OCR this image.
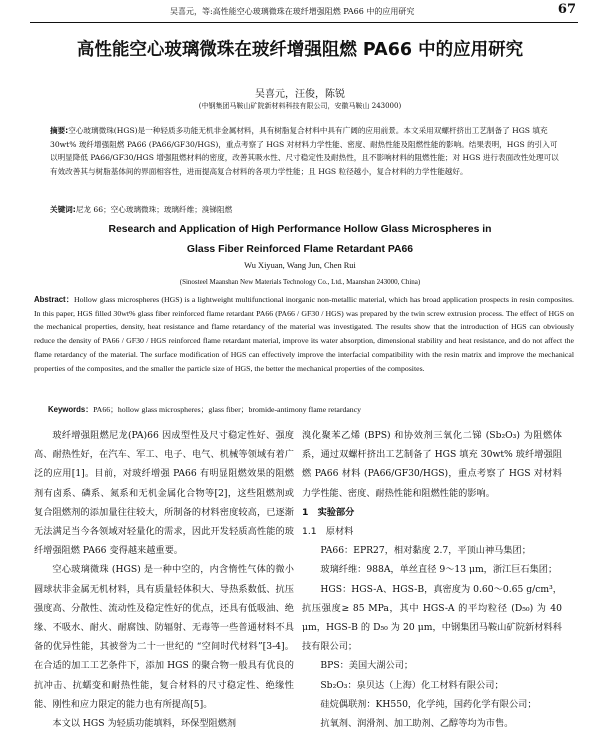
吴喜元，等:高性能空心玻璃微珠在玻纤增强阻燃 PA66 中的应用研究	67
高性能空心玻璃微珠在玻纤增强阻燃 PA66 中的应用研究
吴喜元，汪俊，陈锐
(中钢集团马鞍山矿院新材料科技有限公司，安徽马鞍山 243000)
摘要:空心玻璃微珠(HGS)是一种轻质多功能无机非金属材料，具有树脂复合材料中具有广阔的应用前景。本文采用双螺杆挤出工艺制备了 HGS 填充 30wt% 玻纤增强阻燃 PA66 (PA66/GF30/HGS)，重点考察了 HGS 对材料力学性能、密度、耐热性能及阻燃性能的影响。结果表明，HGS 的引入可以明显降低 PA66/GF30/HGS 增强阻燃材料的密度，改善其吸水性、尺寸稳定性及耐热性，且不影响材料的阻燃性能；对 HGS 进行表面改性处理可以有效改善其与树脂基体间的界面相容性，进而提高复合材料的各项力学性能；且 HGS 粒径越小，复合材料的力学性能越好。
关键词:尼龙 66；空心玻璃微珠；玻璃纤维；溴锑阻燃
Research and Application of High Performance Hollow Glass Microspheres in
Glass Fiber Reinforced Flame Retardant PA66
Wu Xiyuan, Wang Jun, Chen Rui
(Sinosteel Maanshan New Materials Technology Co., Ltd., Maanshan 243000, China)
Abstract：Hollow glass microspheres (HGS) is a lightweight multifunctional inorganic non-metallic material, which has broad application prospects in resin composites. In this paper, HGS filled 30wt% glass fiber reinforced flame retardant PA66 (PA66 / GF30 / HGS) was prepared by the twin screw extrusion process. The effect of HGS on the mechanical properties, density, heat resistance and flame retardancy of the material was investigated. The results show that the introduction of HGS can obviously reduce the density of PA66 / GF30 / HGS reinforced flame retardant material, improve its water absorption, dimensional stability and heat resistance, and do not affect the flame retardancy of the material. The surface modification of HGS can effectively improve the interfacial compatibility with the resin matrix and improve the mechanical properties of the composites, and the smaller the particle size of HGS, the better the mechanical properties of the composites.
Keywords：PA66；hollow glass microspheres；glass fiber；bromide-antimony flame retardancy

玻纤增强阻燃尼龙(PA)66 因成型性及尺寸稳定性好、强度高、耐热性好，在汽车、军工、电子、电气、机械等领域有着广泛的应用[1]。目前，对玻纤增强 PA66 有明显阻燃效果的阻燃剂有卤系、磷系、氮系和无机金属化合物等[2]，这些阻燃剂或复合阻燃剂的添加量往往较大，所制备的材料密度较高，已逐渐无法满足当今各领域对轻量化的需求，因此开发轻质高性能的玻纤增强阻燃 PA66 变得越来越重要。

空心玻璃微珠 (HGS) 是一种中空的，内含惰性气体的微小圆球状非金属无机材料，具有质量轻体积大、导热系数低、抗压强度高、分散性、流动性及稳定性好的优点，还具有低吸油、绝缘、不吸水、耐火、耐腐蚀、防辐射、无毒等一些普通材料不具备的优异性能，其被誉为二十一世纪的 “空间时代材料”[3-4]。在合适的加工工艺条件下，添加 HGS 的聚合物一般具有优良的抗冲击、抗蠕变和耐热性能，复合材料的尺寸稳定性、绝缘性能、刚性和应力限定的能力也有所提高[5]。

本文以 HGS 为轻质功能填料，环保型阻燃剂

溴化聚苯乙烯 (BPS) 和协效剂三氧化二锑 (Sb₂O₃) 为阻燃体系，通过双螺杆挤出工艺制备了 HGS 填充 30wt% 玻纤增强阻燃 PA66 材料 (PA66/GF30/HGS)，重点考察了 HGS 对材料力学性能、密度、耐热性能和阻燃性能的影响。

1　实验部分

1.1　原材料

PA66：EPR27，相对黏度 2.7，平顶山神马集团；

玻璃纤维：988A，单丝直径 9～13 μm，浙江巨石集团；

HGS：HGS-A、HGS-B，真密度为 0.60～0.65 g/cm³，抗压强度≥ 85 MPa，其中 HGS-A 的平均粒径 (D₅₀) 为 40 μm，HGS-B 的 D₅₀ 为 20 μm，中钢集团马鞍山矿院新材料科技有限公司；

BPS：美国大湖公司；

Sb₂O₃：泉贝达（上海）化工材料有限公司；

硅烷偶联剂：KH550，化学纯，国药化学有限公司；

抗氧剂、润滑剂、加工助剂、乙醇等均为市售。
